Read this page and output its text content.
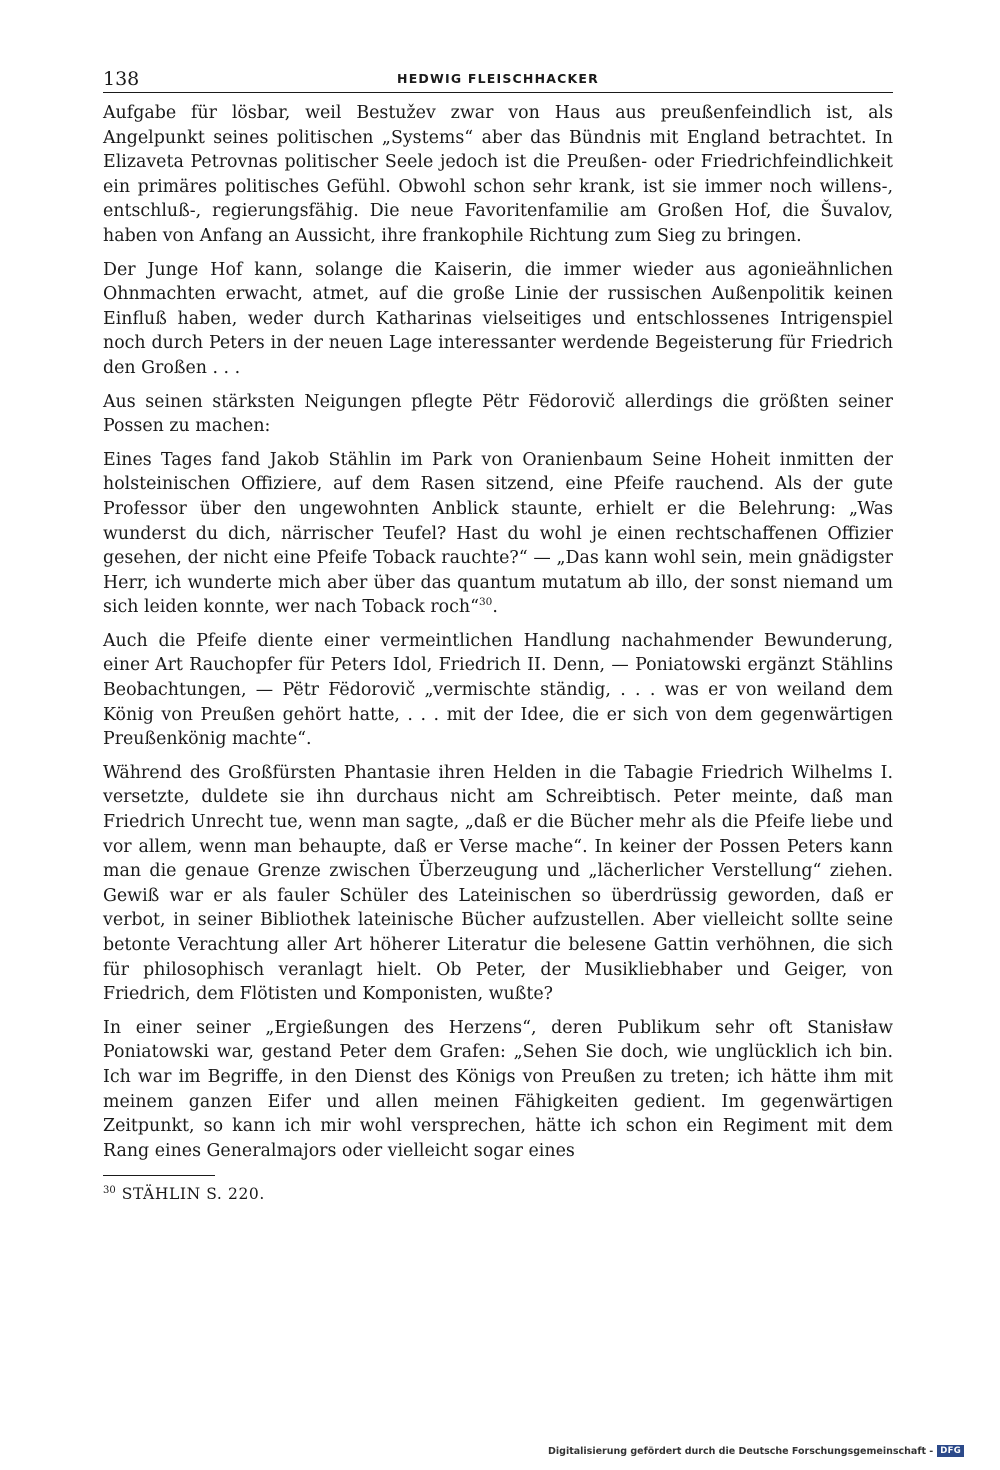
138	HEDWIG FLEISCHHACKER

Aufgabe für lösbar, weil Bestužev zwar von Haus aus preußenfeindlich ist, als Angelpunkt seines politischen „Systems“ aber das Bündnis mit England betrachtet. In Elizaveta Petrovnas politischer Seele jedoch ist die Preußen- oder Friedrichfeindlichkeit ein primäres politisches Gefühl. Obwohl schon sehr krank, ist sie immer noch willens-, entschluß-, regierungsfähig. Die neue Favoritenfamilie am Großen Hof, die Šuvalov, haben von Anfang an Aussicht, ihre frankophile Richtung zum Sieg zu bringen.

Der Junge Hof kann, solange die Kaiserin, die immer wieder aus agonieähnlichen Ohnmachten erwacht, atmet, auf die große Linie der russischen Außenpolitik keinen Einfluß haben, weder durch Katharinas vielseitiges und entschlossenes Intrigenspiel noch durch Peters in der neuen Lage interessanter werdende Begeisterung für Friedrich den Großen . . .

Aus seinen stärksten Neigungen pflegte Pëtr Fëdorovič allerdings die größten seiner Possen zu machen:

Eines Tages fand Jakob Stählin im Park von Oranienbaum Seine Hoheit inmitten der holsteinischen Offiziere, auf dem Rasen sitzend, eine Pfeife rauchend. Als der gute Professor über den ungewohnten Anblick staunte, erhielt er die Belehrung: „Was wunderst du dich, närrischer Teufel? Hast du wohl je einen rechtschaffenen Offizier gesehen, der nicht eine Pfeife Toback rauchte?“ — „Das kann wohl sein, mein gnädigster Herr, ich wunderte mich aber über das quantum mutatum ab illo, der sonst niemand um sich leiden konnte, wer nach Toback roch“$^{30}$.

Auch die Pfeife diente einer vermeintlichen Handlung nachahmender Bewunderung, einer Art Rauchopfer für Peters Idol, Friedrich II. Denn, — Poniatowski ergänzt Stählins Beobachtungen, — Pëtr Fëdorovič „vermischte ständig, . . . was er von weiland dem König von Preußen gehört hatte, . . . mit der Idee, die er sich von dem gegenwärtigen Preußenkönig machte“.

Während des Großfürsten Phantasie ihren Helden in die Tabagie Friedrich Wilhelms I. versetzte, duldete sie ihn durchaus nicht am Schreibtisch. Peter meinte, daß man Friedrich Unrecht tue, wenn man sagte, „daß er die Bücher mehr als die Pfeife liebe und vor allem, wenn man behaupte, daß er Verse mache“. In keiner der Possen Peters kann man die genaue Grenze zwischen Überzeugung und „lächerlicher Verstellung“ ziehen. Gewiß war er als fauler Schüler des Lateinischen so überdrüssig geworden, daß er verbot, in seiner Bibliothek lateinische Bücher aufzustellen. Aber vielleicht sollte seine betonte Verachtung aller Art höherer Literatur die belesene Gattin verhöhnen, die sich für philosophisch veranlagt hielt. Ob Peter, der Musikliebhaber und Geiger, von Friedrich, dem Flötisten und Komponisten, wußte?

In einer seiner „Ergießungen des Herzens“, deren Publikum sehr oft Stanisław Poniatowski war, gestand Peter dem Grafen: „Sehen Sie doch, wie unglücklich ich bin. Ich war im Begriffe, in den Dienst des Königs von Preußen zu treten; ich hätte ihm mit meinem ganzen Eifer und allen meinen Fähigkeiten gedient. Im gegenwärtigen Zeitpunkt, so kann ich mir wohl versprechen, hätte ich schon ein Regiment mit dem Rang eines Generalmajors oder vielleicht sogar eines

$^{30}$ STÄHLIN S. 220.
Digitalisierung gefördert durch die Deutsche Forschungsgemeinschaft - DFG
